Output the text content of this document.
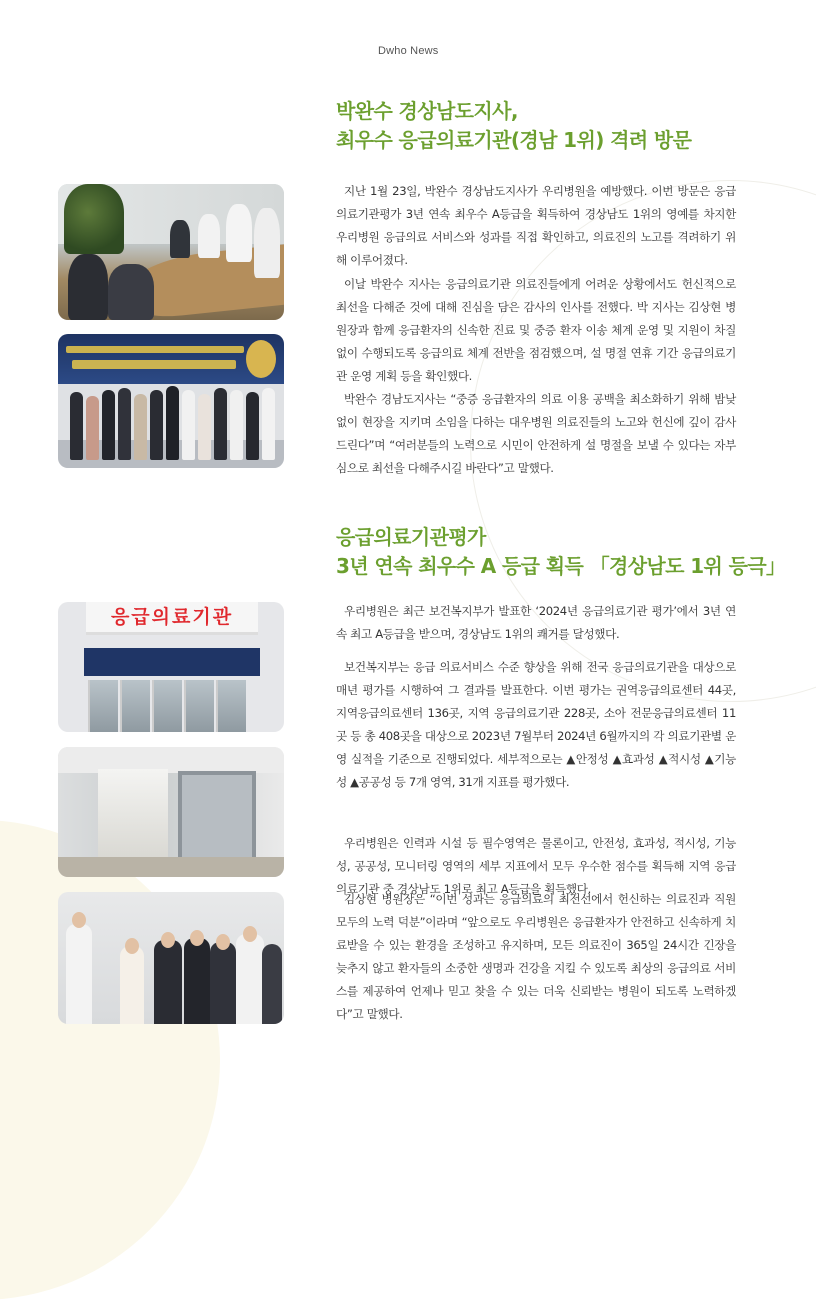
Dwho News
박완수 경상남도지사,
최우수 응급의료기관(경남 1위) 격려 방문

지난 1월 23일, 박완수 경상남도지사가 우리병원을 예방했다. 이번 방문은 응급의료기관평가 3년 연속 최우수 A등급을 획득하여 경상남도 1위의 영예를 차지한 우리병원 응급의료 서비스와 성과를 직접 확인하고, 의료진의 노고를 격려하기 위해 이루어졌다.

이날 박완수 지사는 응급의료기관 의료진들에게 어려운 상황에서도 헌신적으로 최선을 다해준 것에 대해 진심을 담은 감사의 인사를 전했다. 박 지사는 김상현 병원장과 함께 응급환자의 신속한 진료 및 중증 환자 이송 체계 운영 및 지원이 차질 없이 수행되도록 응급의료 체계 전반을 점검했으며, 설 명절 연휴 기간 응급의료기관 운영 계획 등을 확인했다.

박완수 경남도지사는 “중증 응급환자의 의료 이용 공백을 최소화하기 위해 밤낮 없이 현장을 지키며 소임을 다하는 대우병원 의료진들의 노고와 헌신에 깊이 감사드린다”며 “여러분들의 노력으로 시민이 안전하게 설 명절을 보낼 수 있다는 자부심으로 최선을 다해주시길 바란다”고 말했다.

응급의료기관평가
3년 연속 최우수 A 등급 획득 「경상남도 1위 등극」

우리병원은 최근 보건복지부가 발표한 ‘2024년 응급의료기관 평가’에서 3년 연속 최고 A등급을 받으며, 경상남도 1위의 쾌거를 달성했다.

보건복지부는 응급 의료서비스 수준 향상을 위해 전국 응급의료기관을 대상으로 매년 평가를 시행하여 그 결과를 발표한다. 이번 평가는 권역응급의료센터 44곳, 지역응급의료센터 136곳, 지역 응급의료기관 228곳, 소아 전문응급의료센터 11곳 등 총 408곳을 대상으로 2023년 7월부터 2024년 6월까지의 각 의료기관별 운영 실적을 기준으로 진행되었다. 세부적으로는 ▲안정성 ▲효과성 ▲적시성 ▲기능성 ▲공공성 등 7개 영역, 31개 지표를 평가했다.

우리병원은 인력과 시설 등 필수영역은 물론이고, 안전성, 효과성, 적시성, 기능성, 공공성, 모니터링 영역의 세부 지표에서 모두 우수한 점수를 획득해 지역 응급의료기관 중 경상남도 1위로 최고 A등급을 획득했다.

김상현 병원장은 “이번 성과는 응급의료의 최전선에서 헌신하는 의료진과 직원 모두의 노력 덕분”이라며 “앞으로도 우리병원은 응급환자가 안전하고 신속하게 치료받을 수 있는 환경을 조성하고 유지하며, 모든 의료진이 365일 24시간 긴장을 늦추지 않고 환자들의 소중한 생명과 건강을 지킬 수 있도록 최상의 응급의료 서비스를 제공하여 언제나 믿고 찾을 수 있는 더욱 신뢰받는 병원이 되도록 노력하겠다”고 말했다.

응급의료기관
